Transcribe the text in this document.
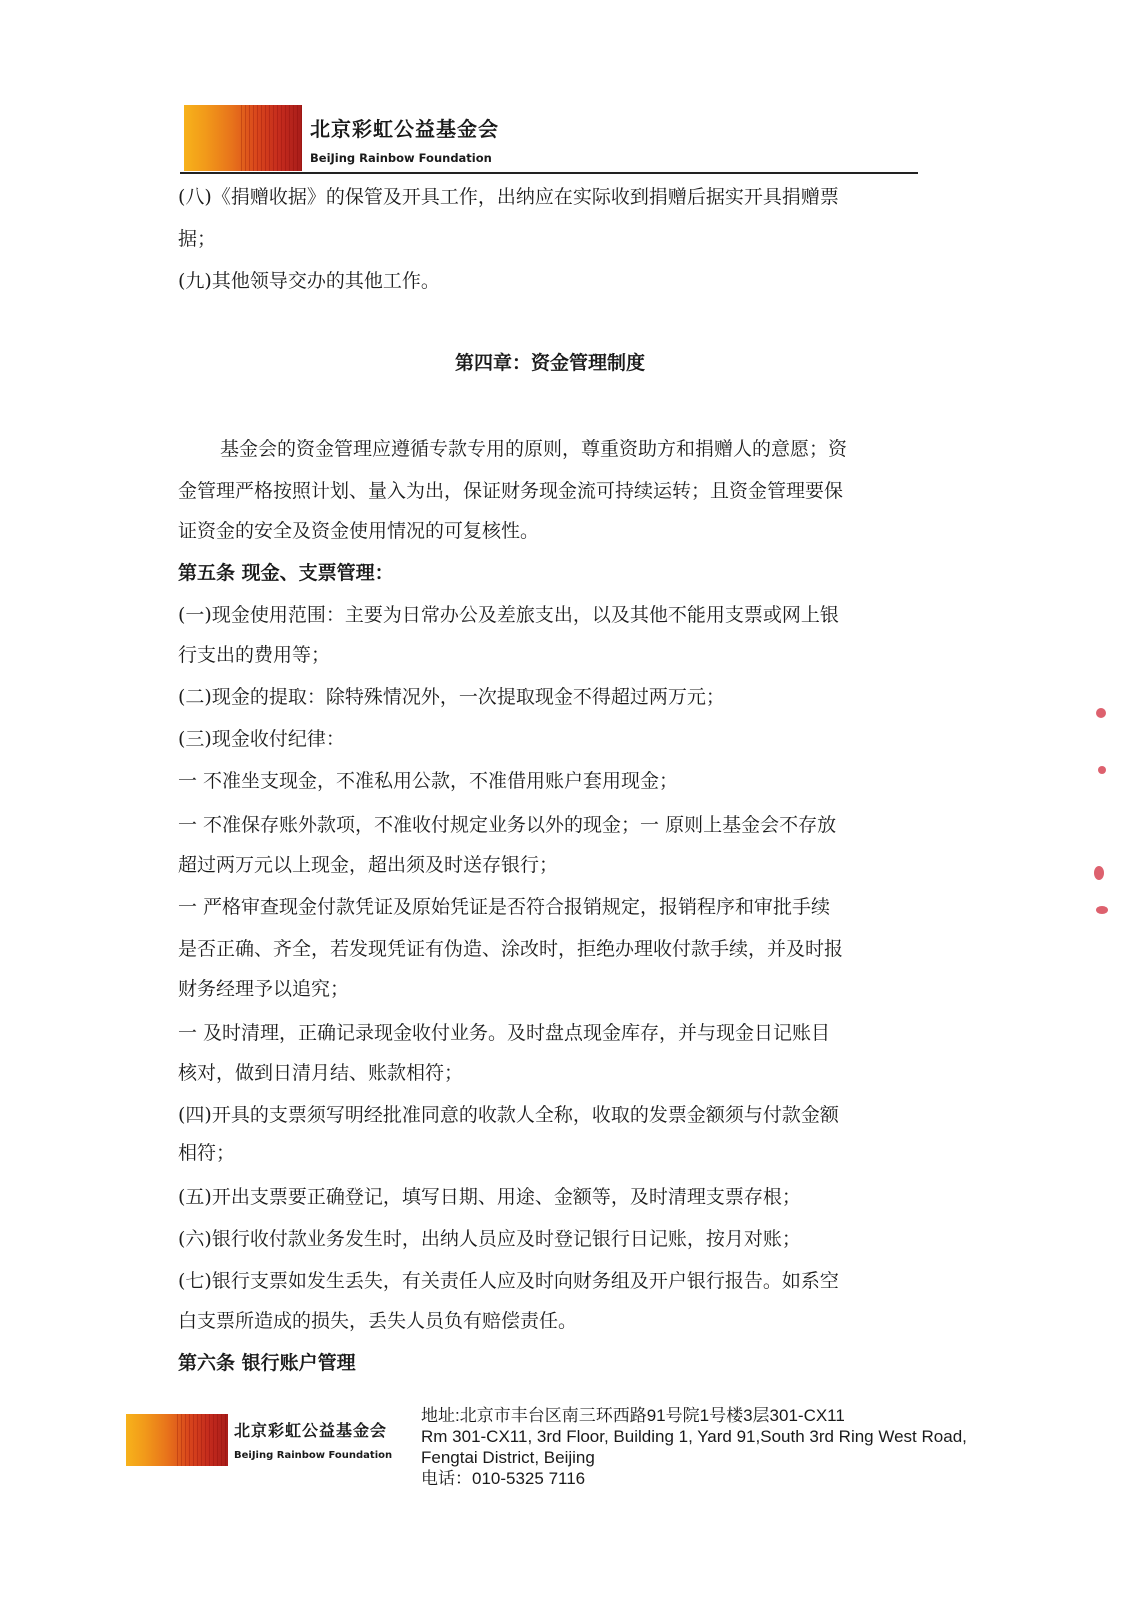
北京彩虹公益基金会
BeiJing Rainbow Foundation
(八)《捐赠收据》的保管及开具工作，出纳应在实际收到捐赠后据实开具捐赠票
据；
(九)其他领导交办的其他工作。
第四章：资金管理制度
基金会的资金管理应遵循专款专用的原则，尊重资助方和捐赠人的意愿；资
金管理严格按照计划、量入为出，保证财务现金流可持续运转；且资金管理要保
证资金的安全及资金使用情况的可复核性。
第五条 现金、支票管理：
(一)现金使用范围：主要为日常办公及差旅支出，以及其他不能用支票或网上银
行支出的费用等；
(二)现金的提取：除特殊情况外，一次提取现金不得超过两万元；
(三)现金收付纪律：
一 不准坐支现金，不准私用公款，不准借用账户套用现金；
一 不准保存账外款项，不准收付规定业务以外的现金；一 原则上基金会不存放
超过两万元以上现金，超出须及时送存银行；
一 严格审查现金付款凭证及原始凭证是否符合报销规定，报销程序和审批手续
是否正确、齐全，若发现凭证有伪造、涂改时，拒绝办理收付款手续，并及时报
财务经理予以追究；
一 及时清理，正确记录现金收付业务。及时盘点现金库存，并与现金日记账目
核对，做到日清月结、账款相符；
(四)开具的支票须写明经批准同意的收款人全称，收取的发票金额须与付款金额
相符；
(五)开出支票要正确登记，填写日期、用途、金额等，及时清理支票存根；
(六)银行收付款业务发生时，出纳人员应及时登记银行日记账，按月对账；
(七)银行支票如发生丢失，有关责任人应及时向财务组及开户银行报告。如系空
白支票所造成的损失，丢失人员负有赔偿责任。
第六条 银行账户管理
北京彩虹公益基金会
BeiJing Rainbow Foundation
地址:北京市丰台区南三环西路91号院1号楼3层301-CX11
Rm 301-CX11, 3rd Floor, Building 1, Yard 91,South 3rd Ring West Road,
Fengtai District, Beijing
电话：010-5325 7116
